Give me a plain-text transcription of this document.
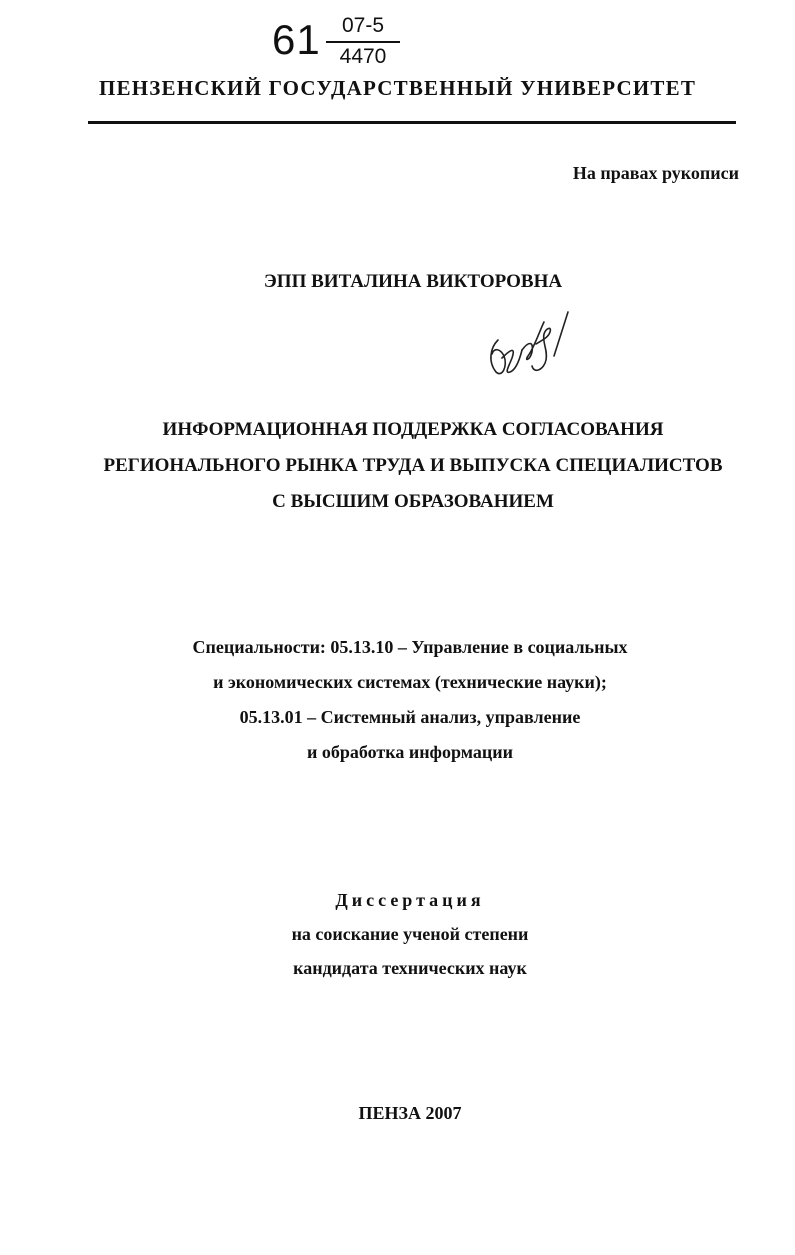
61	07-5
4470
ПЕНЗЕНСКИЙ ГОСУДАРСТВЕННЫЙ УНИВЕРСИТЕТ
На правах рукописи
ЭПП ВИТАЛИНА ВИКТОРОВНА
ИНФОРМАЦИОННАЯ ПОДДЕРЖКА СОГЛАСОВАНИЯ
РЕГИОНАЛЬНОГО РЫНКА ТРУДА И ВЫПУСКА СПЕЦИАЛИСТОВ
С ВЫСШИМ ОБРАЗОВАНИЕМ
Специальности: 05.13.10 – Управление в социальных
и экономических системах (технические науки);
05.13.01 – Системный анализ, управление
и обработка информации
Диссертация
на соискание ученой степени
кандидата технических наук
ПЕНЗА 2007
